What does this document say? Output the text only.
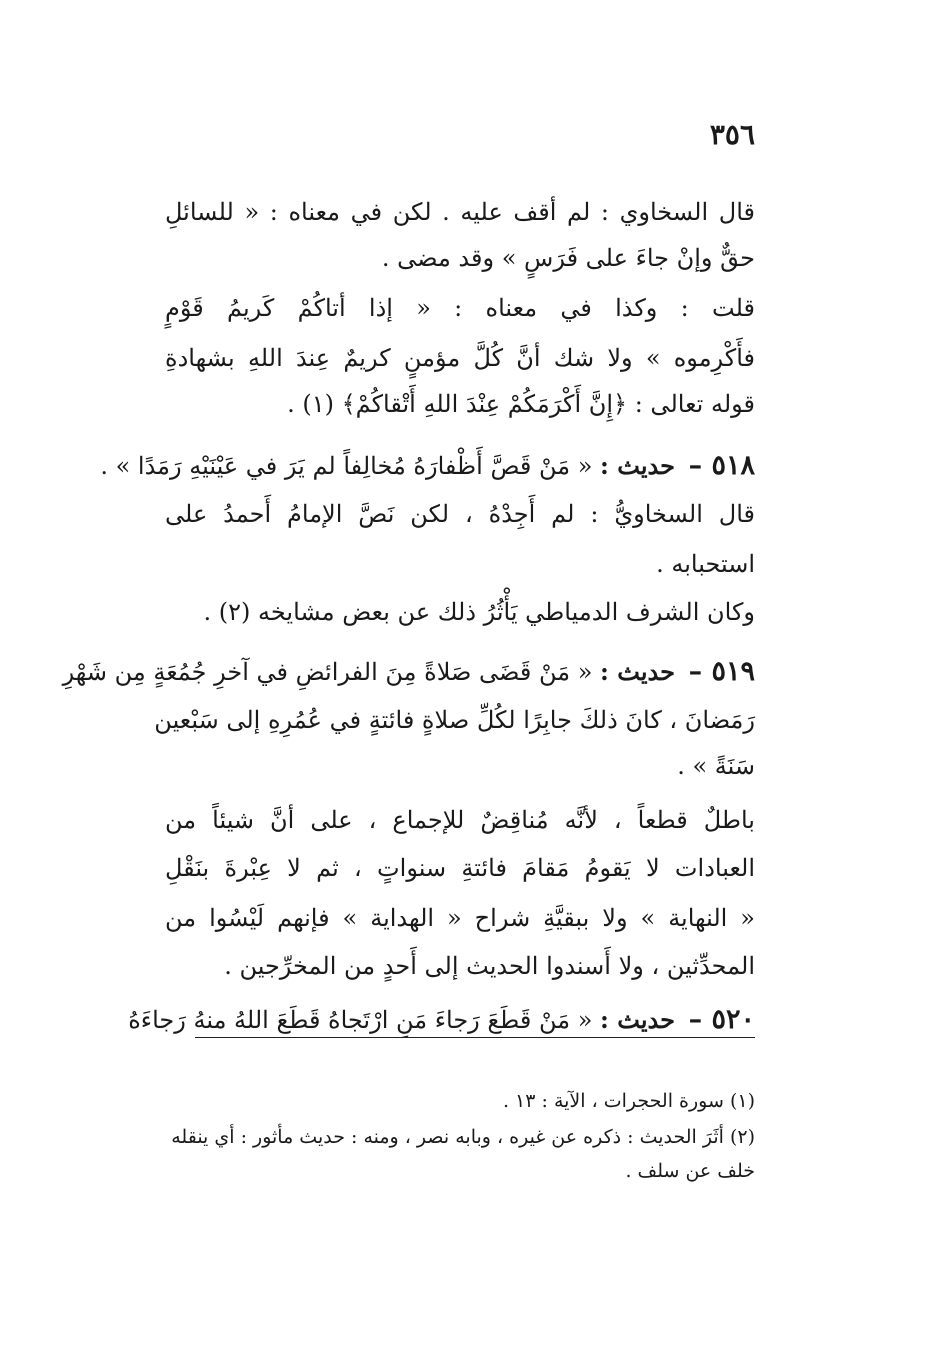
٣٥٦
قال السخاوي : لم أقف عليه . لكن في معناه : « للسائلِ
حقٌّ وإنْ جاءَ على فَرَسٍ » وقد مضى .
قلت : وكذا في معناه : « إذا أتاكُمْ كَريمُ قَوْمٍ
فأَكْرِموه » ولا شك أنَّ كُلَّ مؤمنٍ كريمٌ عِندَ اللهِ بشهادةِ
قوله تعالى : ﴿إِنَّ أَكْرَمَكُمْ عِنْدَ اللهِ أَتْقاكُمْ﴾ (١) .
٥١٨ – حديث : « مَنْ قَصَّ أَظْفارَهُ مُخالِفاً لم يَرَ في عَيْنَيْهِ رَمَدًا » .
قال السخاويُّ : لم أَجِدْهُ ، لكن نَصَّ الإمامُ أَحمدُ على
استحبابه .
وكان الشرف الدمياطي يَأْثُرُ ذلك عن بعض مشايخه (٢) .
٥١٩ – حديث : « مَنْ قَضَى صَلاةً مِنَ الفرائضِ في آخرِ جُمُعَةٍ مِن شَهْرِ
رَمَضانَ ، كانَ ذلكَ جابِرًا لكُلِّ صلاةٍ فائتةٍ في عُمُرِهِ إلى سَبْعين
سَنَةً » .
باطلٌ قطعاً ، لأنَّه مُناقِضٌ للإجماع ، على أنَّ شيئاً من
العبادات لا يَقومُ مَقامَ فائتةِ سنواتٍ ، ثم لا عِبْرةَ بنَقْلِ
« النهاية » ولا ببقيَّةِ شراح « الهداية » فإنهم لَيْسُوا من
المحدِّثين ، ولا أَسندوا الحديث إلى أَحدٍ من المخرِّجين .
٥٢٠ – حديث : « مَنْ قَطَعَ رَجاءَ مَنِ ارْتَجاهُ قَطَعَ اللهُ منهُ رَجاءَهُ
(١) سورة الحجرات ، الآية : ١٣ .
(٢) أثَرَ الحديث : ذكره عن غيره ، وبابه نصر ، ومنه : حديث مأثور : أي ينقله
خلف عن سلف .
